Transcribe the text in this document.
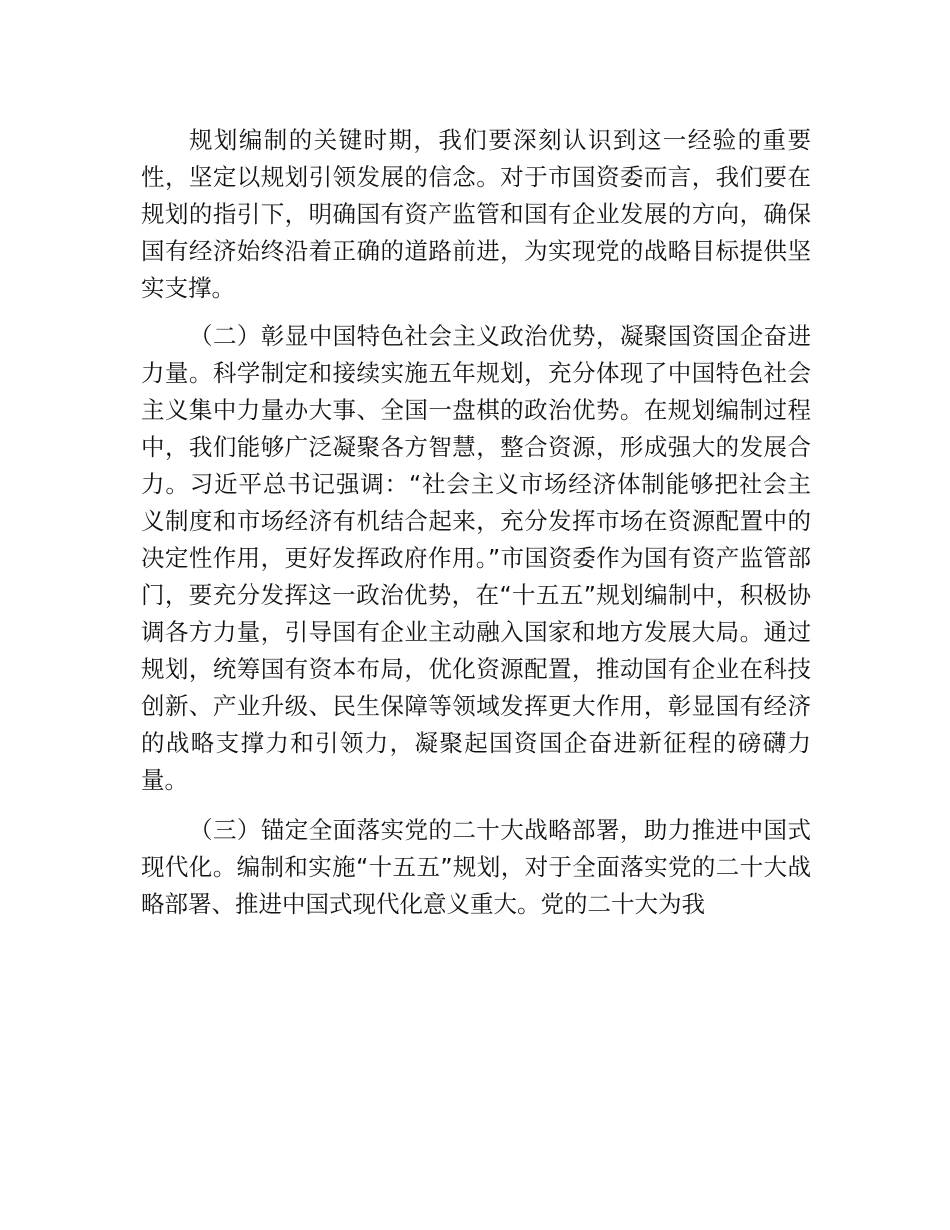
规划编制的关键时期，我们要深刻认识到这一经验的重要性，坚定以规划引领发展的信念。对于市国资委而言，我们要在规划的指引下，明确国有资产监管和国有企业发展的方向，确保国有经济始终沿着正确的道路前进，为实现党的战略目标提供坚实支撑。

（二）彰显中国特色社会主义政治优势，凝聚国资国企奋进力量。科学制定和接续实施五年规划，充分体现了中国特色社会主义集中力量办大事、全国一盘棋的政治优势。在规划编制过程中，我们能够广泛凝聚各方智慧，整合资源，形成强大的发展合力。习近平总书记强调：“社会主义市场经济体制能够把社会主义制度和市场经济有机结合起来，充分发挥市场在资源配置中的决定性作用，更好发挥政府作用。”市国资委作为国有资产监管部门，要充分发挥这一政治优势，在“十五五”规划编制中，积极协调各方力量，引导国有企业主动融入国家和地方发展大局。通过规划，统筹国有资本布局，优化资源配置，推动国有企业在科技创新、产业升级、民生保障等领域发挥更大作用，彰显国有经济的战略支撑力和引领力，凝聚起国资国企奋进新征程的磅礴力量。

（三）锚定全面落实党的二十大战略部署，助力推进中国式现代化。编制和实施“十五五”规划，对于全面落实党的二十大战略部署、推进中国式现代化意义重大。党的二十大为我
